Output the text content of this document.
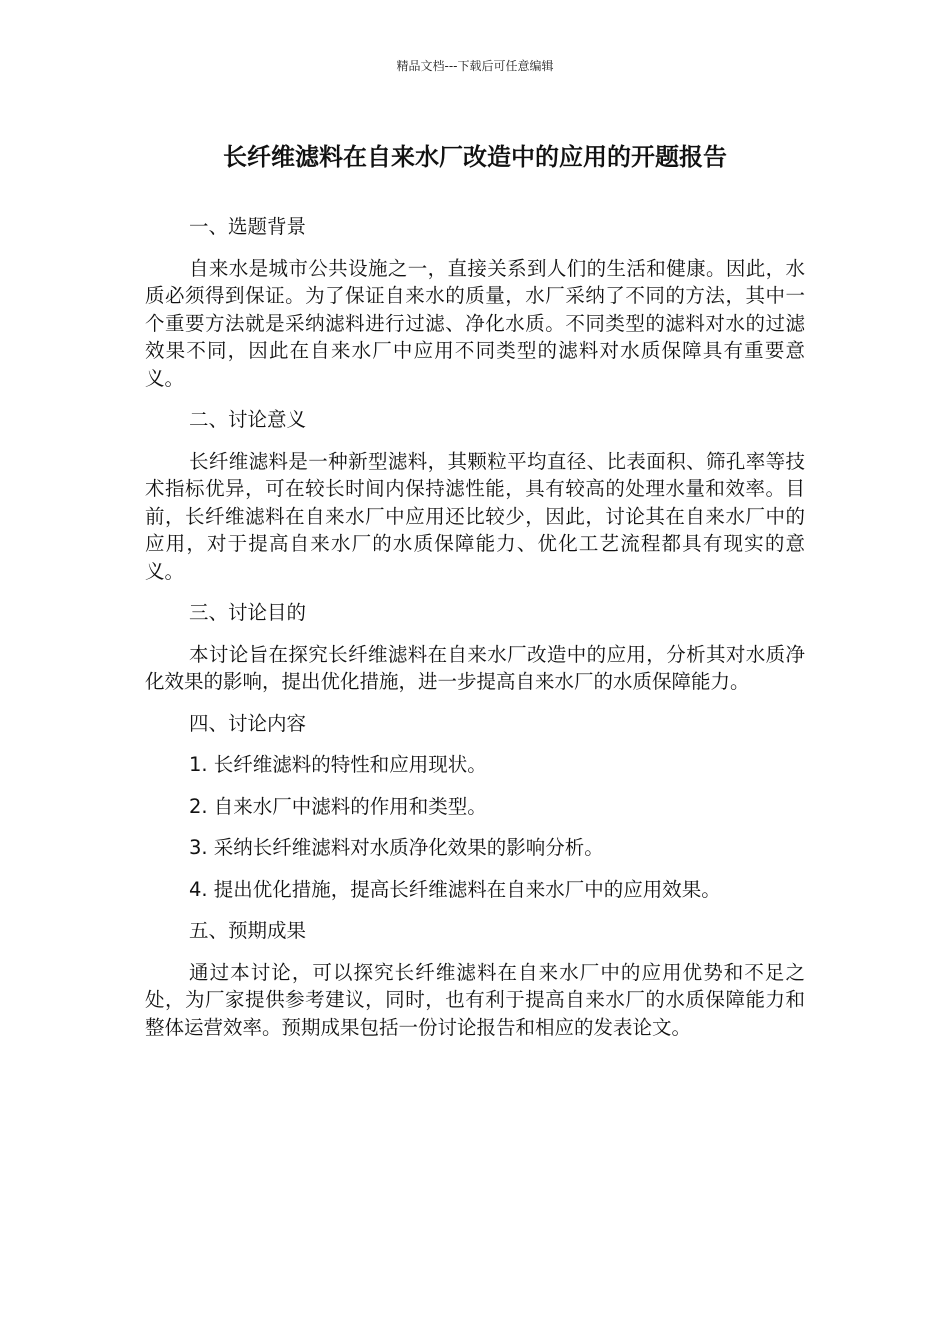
精品文档---下载后可任意编辑
长纤维滤料在自来水厂改造中的应用的开题报告

一、选题背景

自来水是城市公共设施之一，直接关系到人们的生活和健康。因此，水质必须得到保证。为了保证自来水的质量，水厂采纳了不同的方法，其中一个重要方法就是采纳滤料进行过滤、净化水质。不同类型的滤料对水的过滤效果不同，因此在自来水厂中应用不同类型的滤料对水质保障具有重要意义。

二、讨论意义

长纤维滤料是一种新型滤料，其颗粒平均直径、比表面积、筛孔率等技术指标优异，可在较长时间内保持滤性能，具有较高的处理水量和效率。目前，长纤维滤料在自来水厂中应用还比较少，因此，讨论其在自来水厂中的应用，对于提高自来水厂的水质保障能力、优化工艺流程都具有现实的意义。

三、讨论目的

本讨论旨在探究长纤维滤料在自来水厂改造中的应用，分析其对水质净化效果的影响，提出优化措施，进一步提高自来水厂的水质保障能力。

四、讨论内容

1. 长纤维滤料的特性和应用现状。

2. 自来水厂中滤料的作用和类型。

3. 采纳长纤维滤料对水质净化效果的影响分析。

4. 提出优化措施，提高长纤维滤料在自来水厂中的应用效果。

五、预期成果

通过本讨论，可以探究长纤维滤料在自来水厂中的应用优势和不足之处，为厂家提供参考建议，同时，也有利于提高自来水厂的水质保障能力和整体运营效率。预期成果包括一份讨论报告和相应的发表论文。
